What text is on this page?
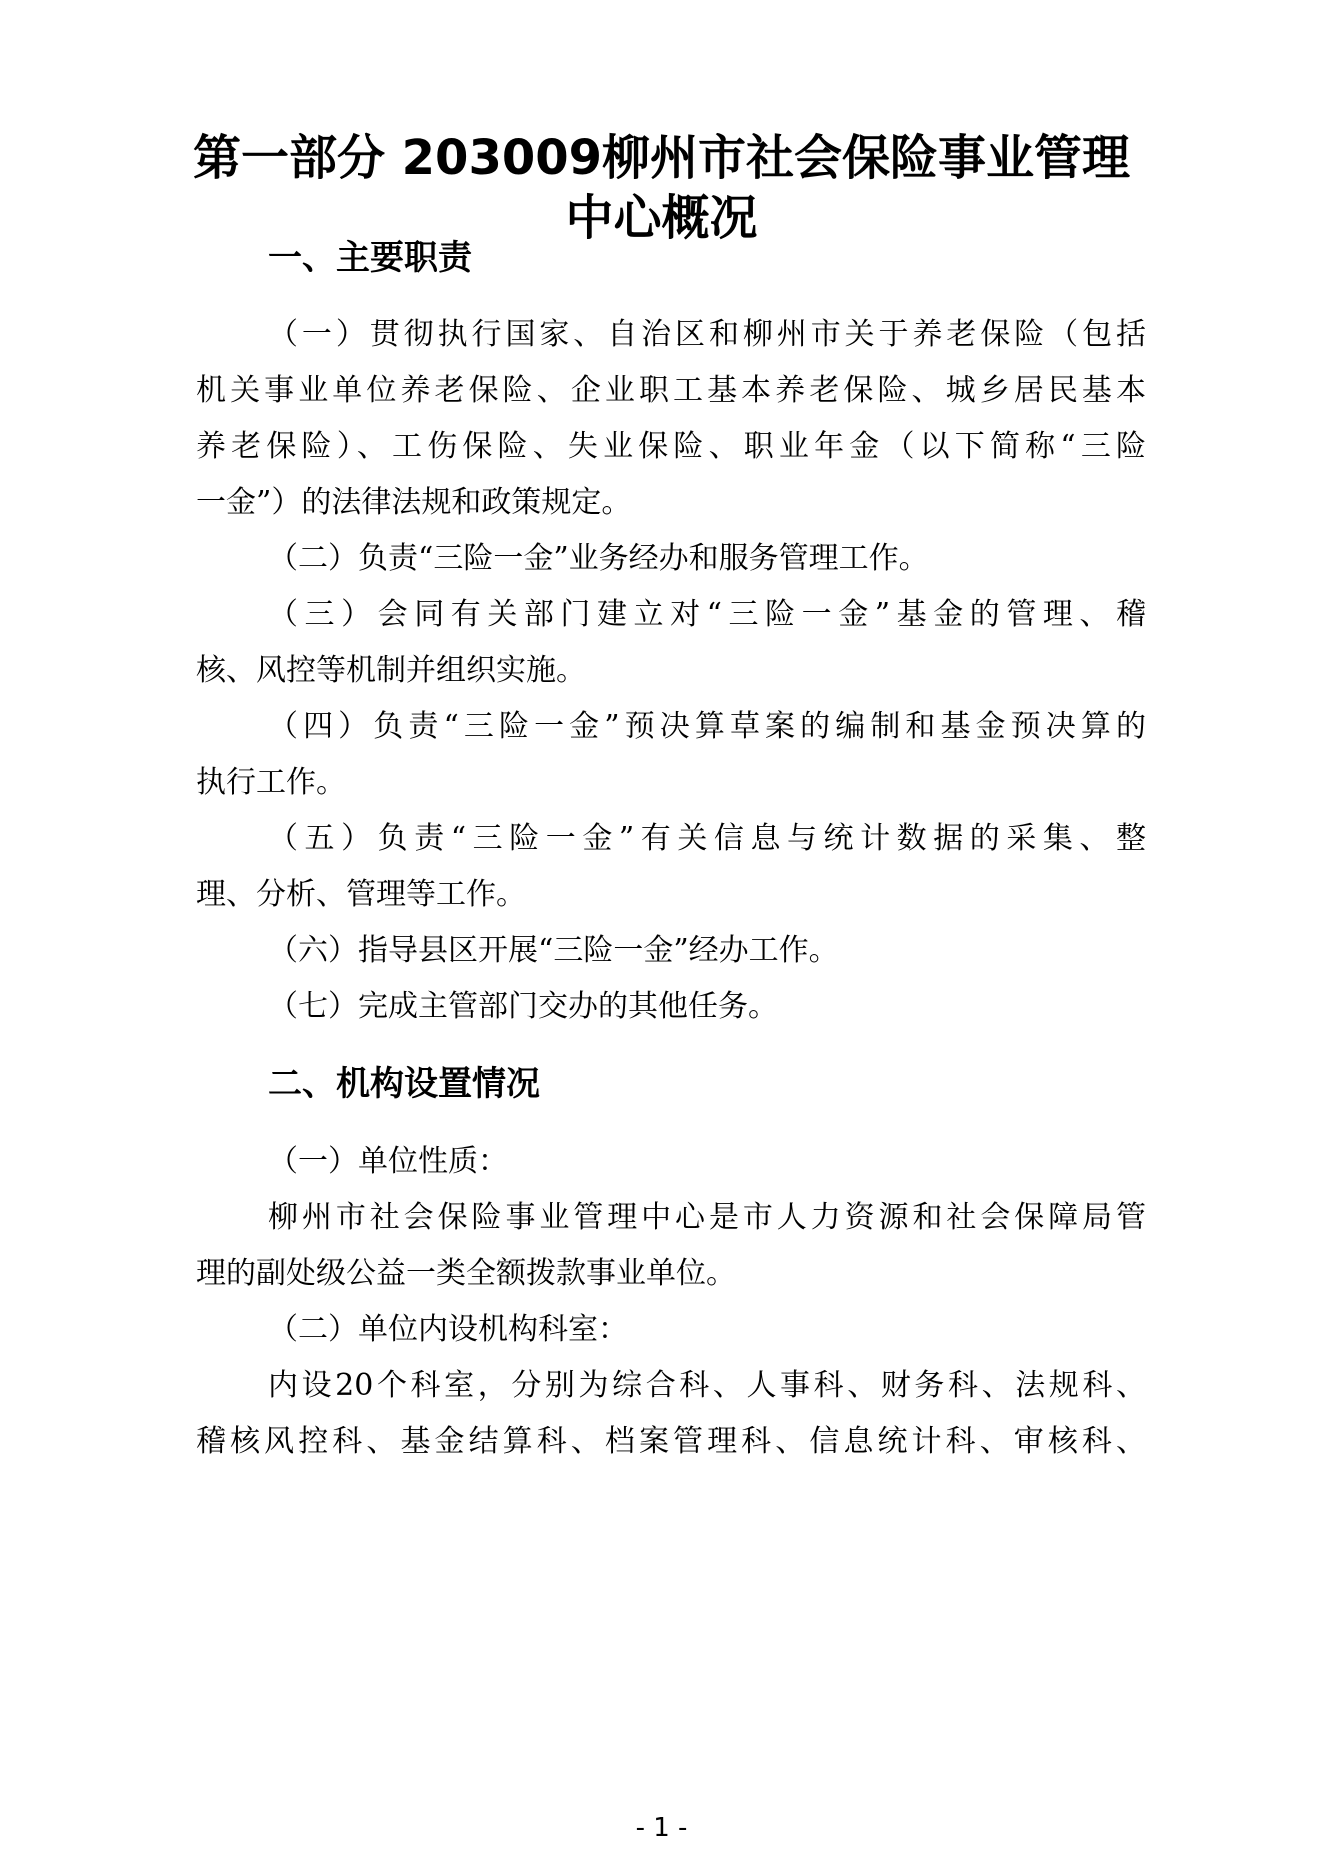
第一部分 203009柳州市社会保险事业管理
中心概况
一、主要职责
（一）贯彻执行国家、自治区和柳州市关于养老保险（包括
机关事业单位养老保险、企业职工基本养老保险、城乡居民基本
养老保险）、工伤保险、失业保险、职业年金（以下简称“三险
一金”）的法律法规和政策规定。
（二）负责“三险一金”业务经办和服务管理工作。
（三）会同有关部门建立对“三险一金”基金的管理、稽
核、风控等机制并组织实施。
（四）负责“三险一金”预决算草案的编制和基金预决算的
执行工作。
（五）负责“三险一金”有关信息与统计数据的采集、整
理、分析、管理等工作。
（六）指导县区开展“三险一金”经办工作。
（七）完成主管部门交办的其他任务。
二、机构设置情况
（一）单位性质：
柳州市社会保险事业管理中心是市人力资源和社会保障局管
理的副处级公益一类全额拨款事业单位。
（二）单位内设机构科室：
内设20个科室，分别为综合科、人事科、财务科、法规科、
稽核风控科、基金结算科、档案管理科、信息统计科、审核科、
- 1 -
